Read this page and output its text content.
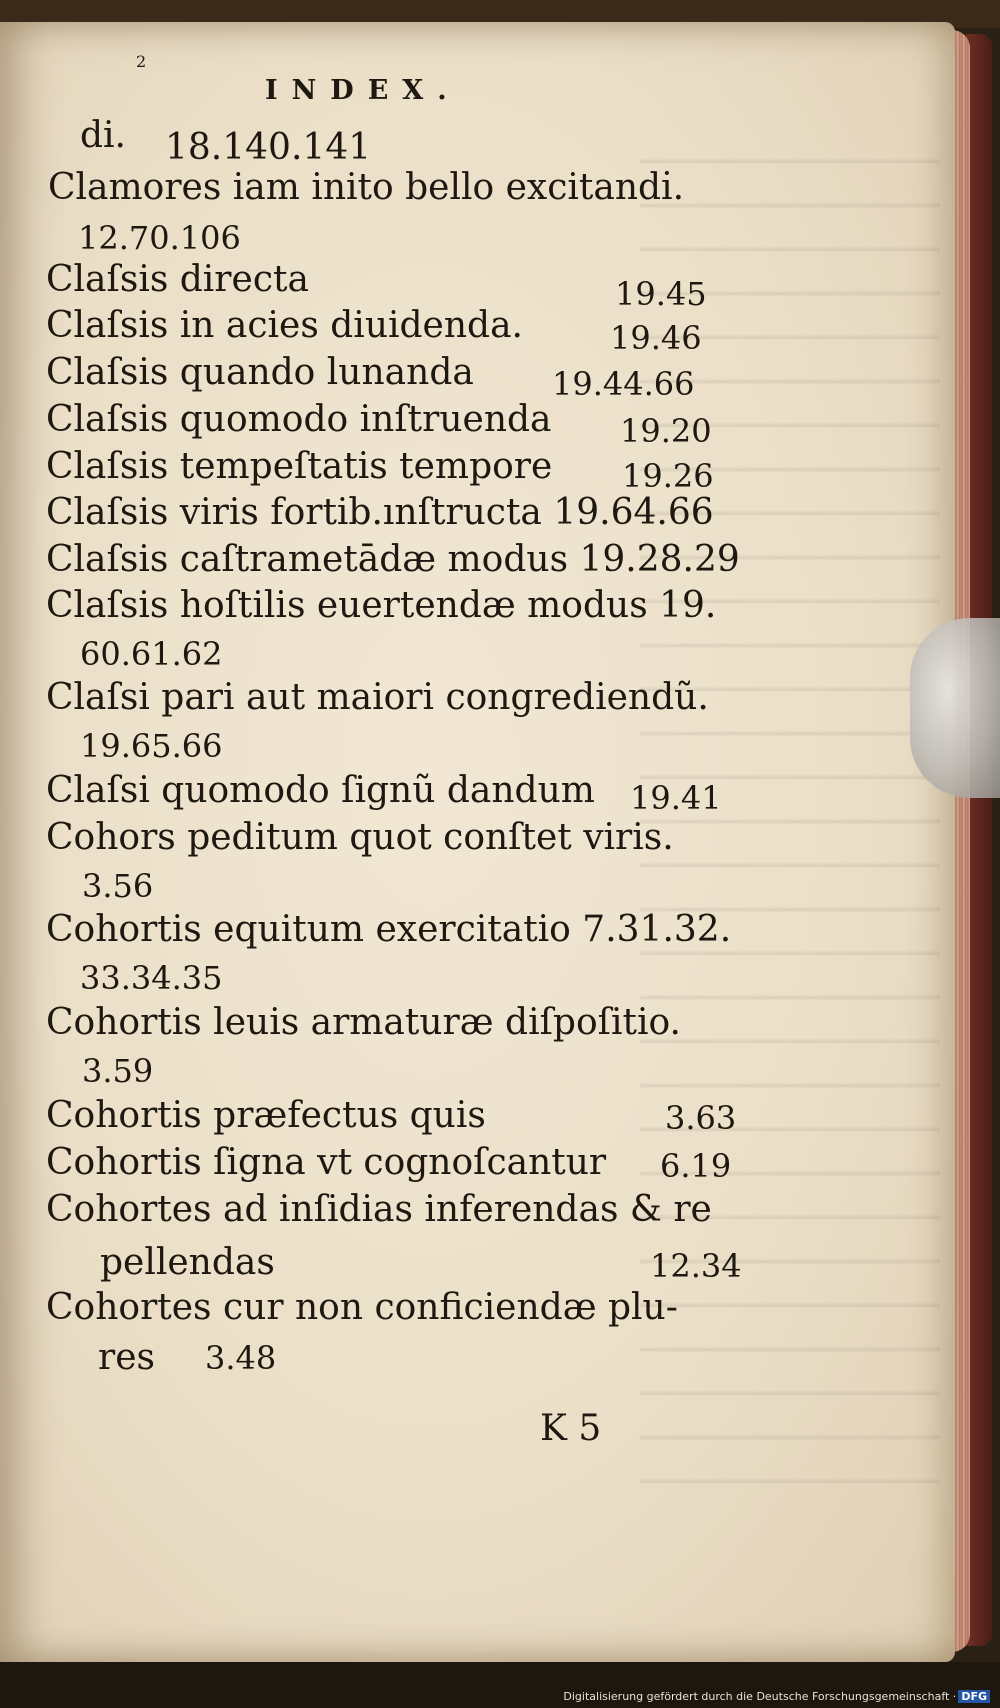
2
INDEX.
di. 18.140.141
Clamores iam inito bello excitandi̇.
12.70.106
Claſsis directa	19.45
Claſsis in acies diuidenda.	19.46
Claſsis quando lunanda 19.44.66
Claſsis quomodo inſtruenda 19.20
Claſsis tempeſtatis tempore 19.26
Claſsis viris fortib.ınſtructa 19.64.66
Claſsis caſtrametādæ modus 19.28.29
Claſsis hoſtilis euertendæ modus 19.
60.61.62
Claſsi pari aut maiori congrediendũ.
19.65.66
Claſsi quomodo ſignũ dandum 19.41
Cohors peditum quot conſtet viris.
3.56
Cohortis equitum exercitatio 7.31.32.
33.34.35
Cohortis leuis armaturæ diſpoſitio.
3.59
Cohortis præfectus quis	3.63
Cohortis ſigna vt cognoſcantur 6.19
Cohortes ad inſidias inferendas & re
pellendas	12.34
Cohortes cur non conficiendæ plu-
res 3.48
K 5
Digitalisierung gefördert durch die Deutsche Forschungsgemeinschaft · DFG
